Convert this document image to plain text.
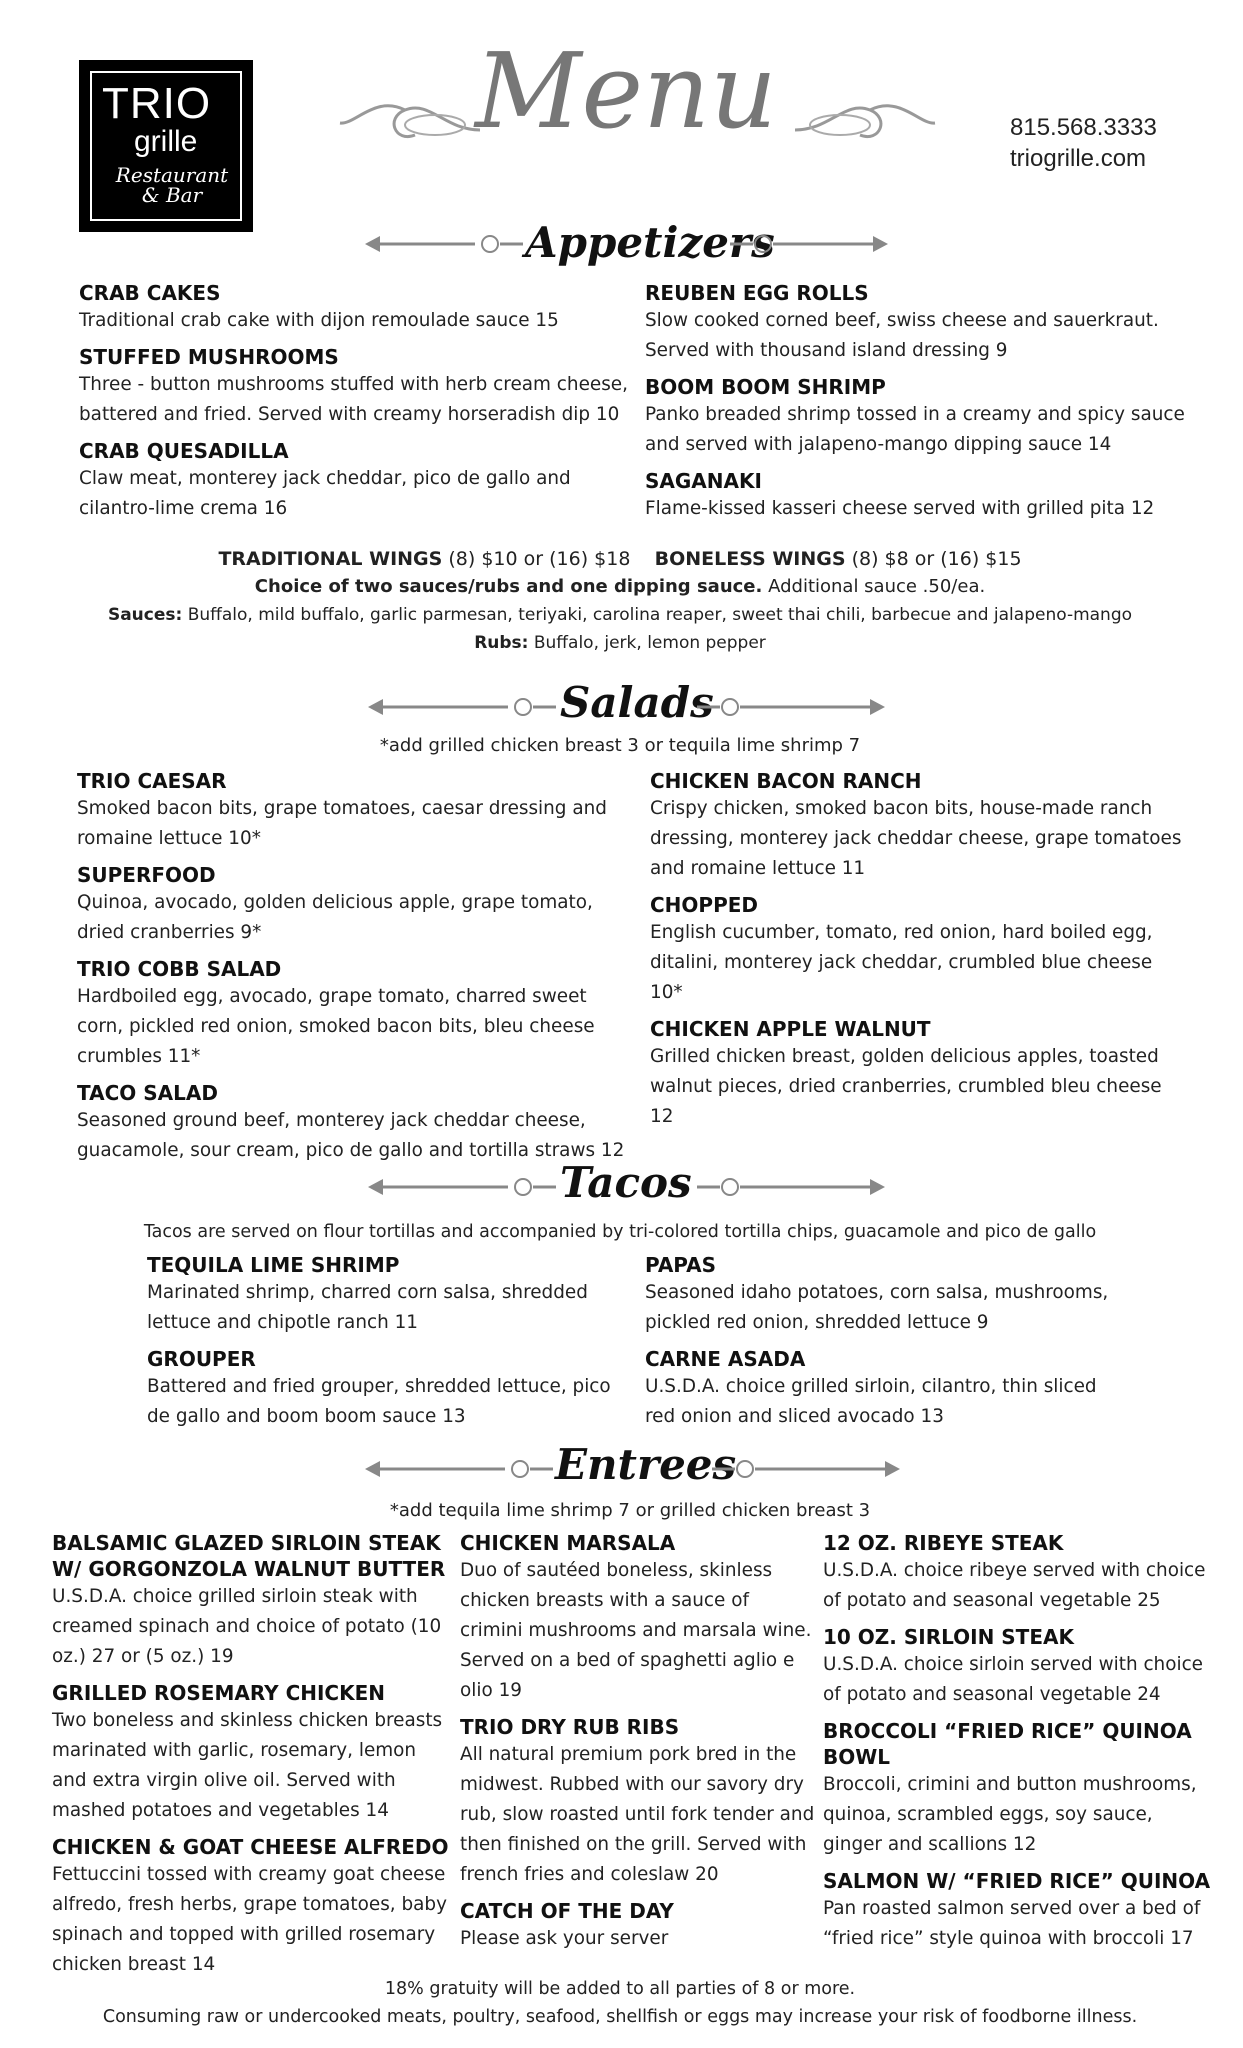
TRIO
grille
Restaurant
& Bar
Menu	815.568.3333
triogrille.com
Appetizers

CRAB CAKES

Traditional crab cake with dijon remoulade sauce 15

STUFFED MUSHROOMS

Three - button mushrooms stuffed with herb cream cheese, battered and fried. Served with creamy horseradish dip 10

CRAB QUESADILLA

Claw meat, monterey jack cheddar, pico de gallo and cilantro-lime crema 16

REUBEN EGG ROLLS

Slow cooked corned beef, swiss cheese and sauerkraut. Served with thousand island dressing 9

BOOM BOOM SHRIMP

Panko breaded shrimp tossed in a creamy and spicy sauce and served with jalapeno-mango dipping sauce 14

SAGANAKI

Flame-kissed kasseri cheese served with grilled pita 12

TRADITIONAL WINGS (8) $10 or (16) $18 BONELESS WINGS (8) $8 or (16) $15
Choice of two sauces/rubs and one dipping sauce. Additional sauce .50/ea.
Sauces: Buffalo, mild buffalo, garlic parmesan, teriyaki, carolina reaper, sweet thai chili, barbecue and jalapeno-mango
Rubs: Buffalo, jerk, lemon pepper
Salads
*add grilled chicken breast 3 or tequila lime shrimp 7

TRIO CAESAR

Smoked bacon bits, grape tomatoes, caesar dressing and romaine lettuce 10*

SUPERFOOD

Quinoa, avocado, golden delicious apple, grape tomato, dried cranberries 9*

TRIO COBB SALAD

Hardboiled egg, avocado, grape tomato, charred sweet corn, pickled red onion, smoked bacon bits, bleu cheese crumbles 11*

TACO SALAD

Seasoned ground beef, monterey jack cheddar cheese, guacamole, sour cream, pico de gallo and tortilla straws 12

CHICKEN BACON RANCH

Crispy chicken, smoked bacon bits, house-made ranch dressing, monterey jack cheddar cheese, grape tomatoes and romaine lettuce 11

CHOPPED

English cucumber, tomato, red onion, hard boiled egg, ditalini, monterey jack cheddar, crumbled blue cheese 10*

CHICKEN APPLE WALNUT

Grilled chicken breast, golden delicious apples, toasted walnut pieces, dried cranberries, crumbled bleu cheese 12

Tacos
Tacos are served on flour tortillas and accompanied by tri-colored tortilla chips, guacamole and pico de gallo

TEQUILA LIME SHRIMP

Marinated shrimp, charred corn salsa, shredded lettuce and chipotle ranch 11

GROUPER

Battered and fried grouper, shredded lettuce, pico de gallo and boom boom sauce 13

PAPAS

Seasoned idaho potatoes, corn salsa, mushrooms, pickled red onion, shredded lettuce 9

CARNE ASADA

U.S.D.A. choice grilled sirloin, cilantro, thin sliced red onion and sliced avocado 13

Entrees
*add tequila lime shrimp 7 or grilled chicken breast 3

BALSAMIC GLAZED SIRLOIN STEAK W/ GORGONZOLA WALNUT BUTTER

U.S.D.A. choice grilled sirloin steak with creamed spinach and choice of potato (10 oz.) 27 or (5 oz.) 19

GRILLED ROSEMARY CHICKEN

Two boneless and skinless chicken breasts marinated with garlic, rosemary, lemon and extra virgin olive oil. Served with mashed potatoes and vegetables 14

CHICKEN & GOAT CHEESE ALFREDO

Fettuccini tossed with creamy goat cheese alfredo, fresh herbs, grape tomatoes, baby spinach and topped with grilled rosemary chicken breast 14

CHICKEN MARSALA

Duo of sautéed boneless, skinless chicken breasts with a sauce of crimini mushrooms and marsala wine. Served on a bed of spaghetti aglio e olio 19

TRIO DRY RUB RIBS

All natural premium pork bred in the midwest. Rubbed with our savory dry rub, slow roasted until fork tender and then finished on the grill. Served with french fries and coleslaw 20

CATCH OF THE DAY

Please ask your server

12 OZ. RIBEYE STEAK

U.S.D.A. choice ribeye served with choice of potato and seasonal vegetable 25

10 OZ. SIRLOIN STEAK

U.S.D.A. choice sirloin served with choice of potato and seasonal vegetable 24

BROCCOLI “FRIED RICE” QUINOA BOWL

Broccoli, crimini and button mushrooms, quinoa, scrambled eggs, soy sauce, ginger and scallions 12

SALMON W/ “FRIED RICE” QUINOA

Pan roasted salmon served over a bed of “fried rice” style quinoa with broccoli 17

18% gratuity will be added to all parties of 8 or more.
Consuming raw or undercooked meats, poultry, seafood, shellfish or eggs may increase your risk of foodborne illness.
